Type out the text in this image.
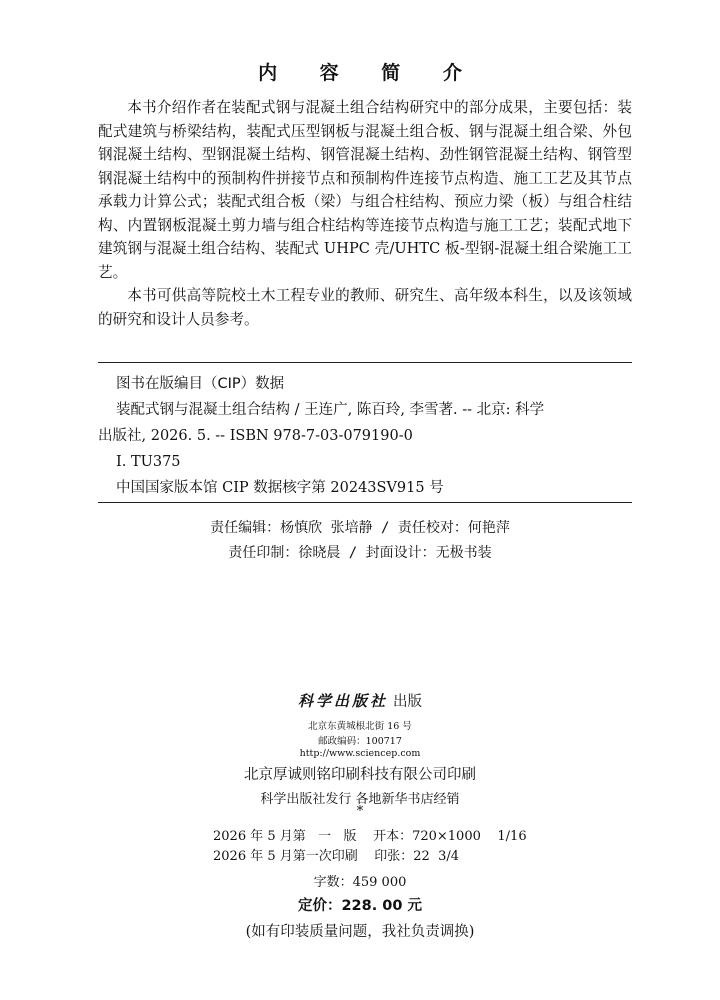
内 容 简 介

本书介绍作者在装配式钢与混凝土组合结构研究中的部分成果，主要包括：装配式建筑与桥梁结构，装配式压型钢板与混凝土组合板、钢与混凝土组合梁、外包钢混凝土结构、型钢混凝土结构、钢管混凝土结构、劲性钢管混凝土结构、钢管型钢混凝土结构中的预制构件拼接节点和预制构件连接节点构造、施工工艺及其节点承载力计算公式；装配式组合板（梁）与组合柱结构、预应力梁（板）与组合柱结构、内置钢板混凝土剪力墙与组合柱结构等连接节点构造与施工工艺；装配式地下建筑钢与混凝土组合结构、装配式 UHPC 壳/UHTC 板-型钢-混凝土组合梁施工工艺。

本书可供高等院校土木工程专业的教师、研究生、高年级本科生，以及该领域的研究和设计人员参考。

图书在版编目（CIP）数据
装配式钢与混凝土组合结构 / 王连广, 陈百玲, 李雪著. -- 北京: 科学
出版社, 2026. 5. -- ISBN 978-7-03-079190-0
Ⅰ. TU375
中国国家版本馆 CIP 数据核字第 20243SV915 号
责任编辑：杨慎欣 张培静 / 责任校对：何艳萍
责任印制：徐晓晨 / 封面设计：无极书装
科学出版社 出版
北京东黄城根北街 16 号
邮政编码：100717
http://www.sciencep.com
北京厚诚则铭印刷科技有限公司印刷
科学出版社发行 各地新华书店经销
*
2026 年 5 月第   一   版    开本：720×1000    1/16
2026 年 5 月第一次印刷    印张：22  3/4
字数：459 000
定价：228. 00 元
(如有印装质量问题，我社负责调换)
